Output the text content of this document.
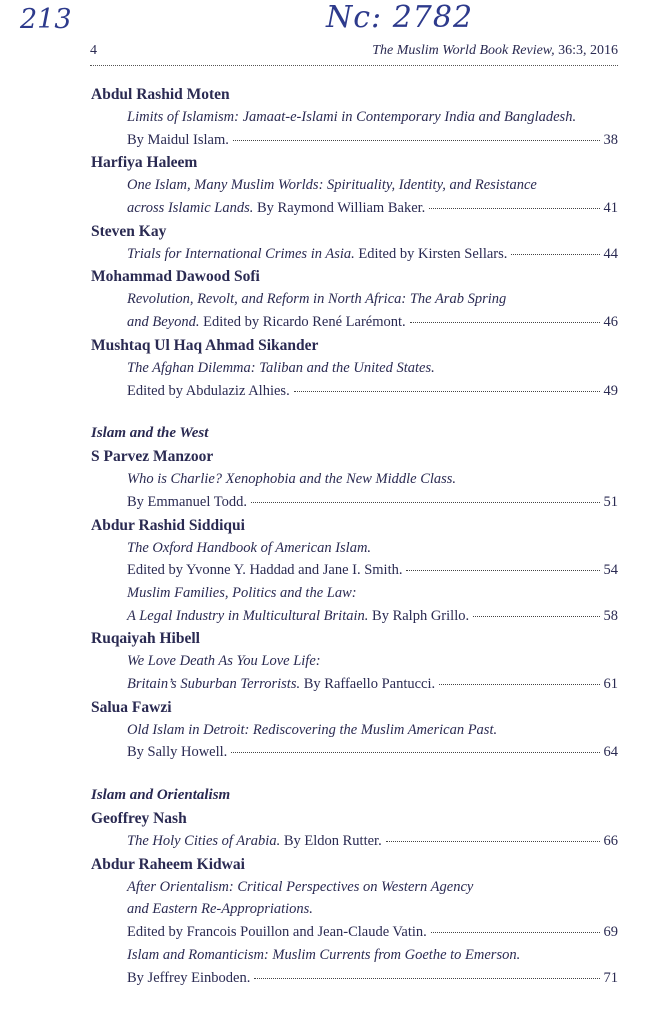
213	Nc: 2782
4	The Muslim World Book Review, 36:3, 2016
Abdul Rashid Moten
Limits of Islamism: Jamaat-e-Islami in Contemporary India and Bangladesh.
By Maidul Islam.	38
Harfiya Haleem
One Islam, Many Muslim Worlds: Spirituality, Identity, and Resistance
across Islamic Lands. By Raymond William Baker.	41
Steven Kay
Trials for International Crimes in Asia. Edited by Kirsten Sellars.	44
Mohammad Dawood Sofi
Revolution, Revolt, and Reform in North Africa: The Arab Spring
and Beyond. Edited by Ricardo René Larémont.	46
Mushtaq Ul Haq Ahmad Sikander
The Afghan Dilemma: Taliban and the United States.
Edited by Abdulaziz Alhies.	49
Islam and the West
S Parvez Manzoor
Who is Charlie? Xenophobia and the New Middle Class.
By Emmanuel Todd.	51
Abdur Rashid Siddiqui
The Oxford Handbook of American Islam.
Edited by Yvonne Y. Haddad and Jane I. Smith.	54
Muslim Families, Politics and the Law:
A Legal Industry in Multicultural Britain. By Ralph Grillo.	58
Ruqaiyah Hibell
We Love Death As You Love Life:
Britain’s Suburban Terrorists. By Raffaello Pantucci.	61
Salua Fawzi
Old Islam in Detroit: Rediscovering the Muslim American Past.
By Sally Howell.	64
Islam and Orientalism
Geoffrey Nash
The Holy Cities of Arabia. By Eldon Rutter.	66
Abdur Raheem Kidwai
After Orientalism: Critical Perspectives on Western Agency
and Eastern Re-Appropriations.
Edited by Francois Pouillon and Jean-Claude Vatin.	69
Islam and Romanticism: Muslim Currents from Goethe to Emerson.
By Jeffrey Einboden.	71
